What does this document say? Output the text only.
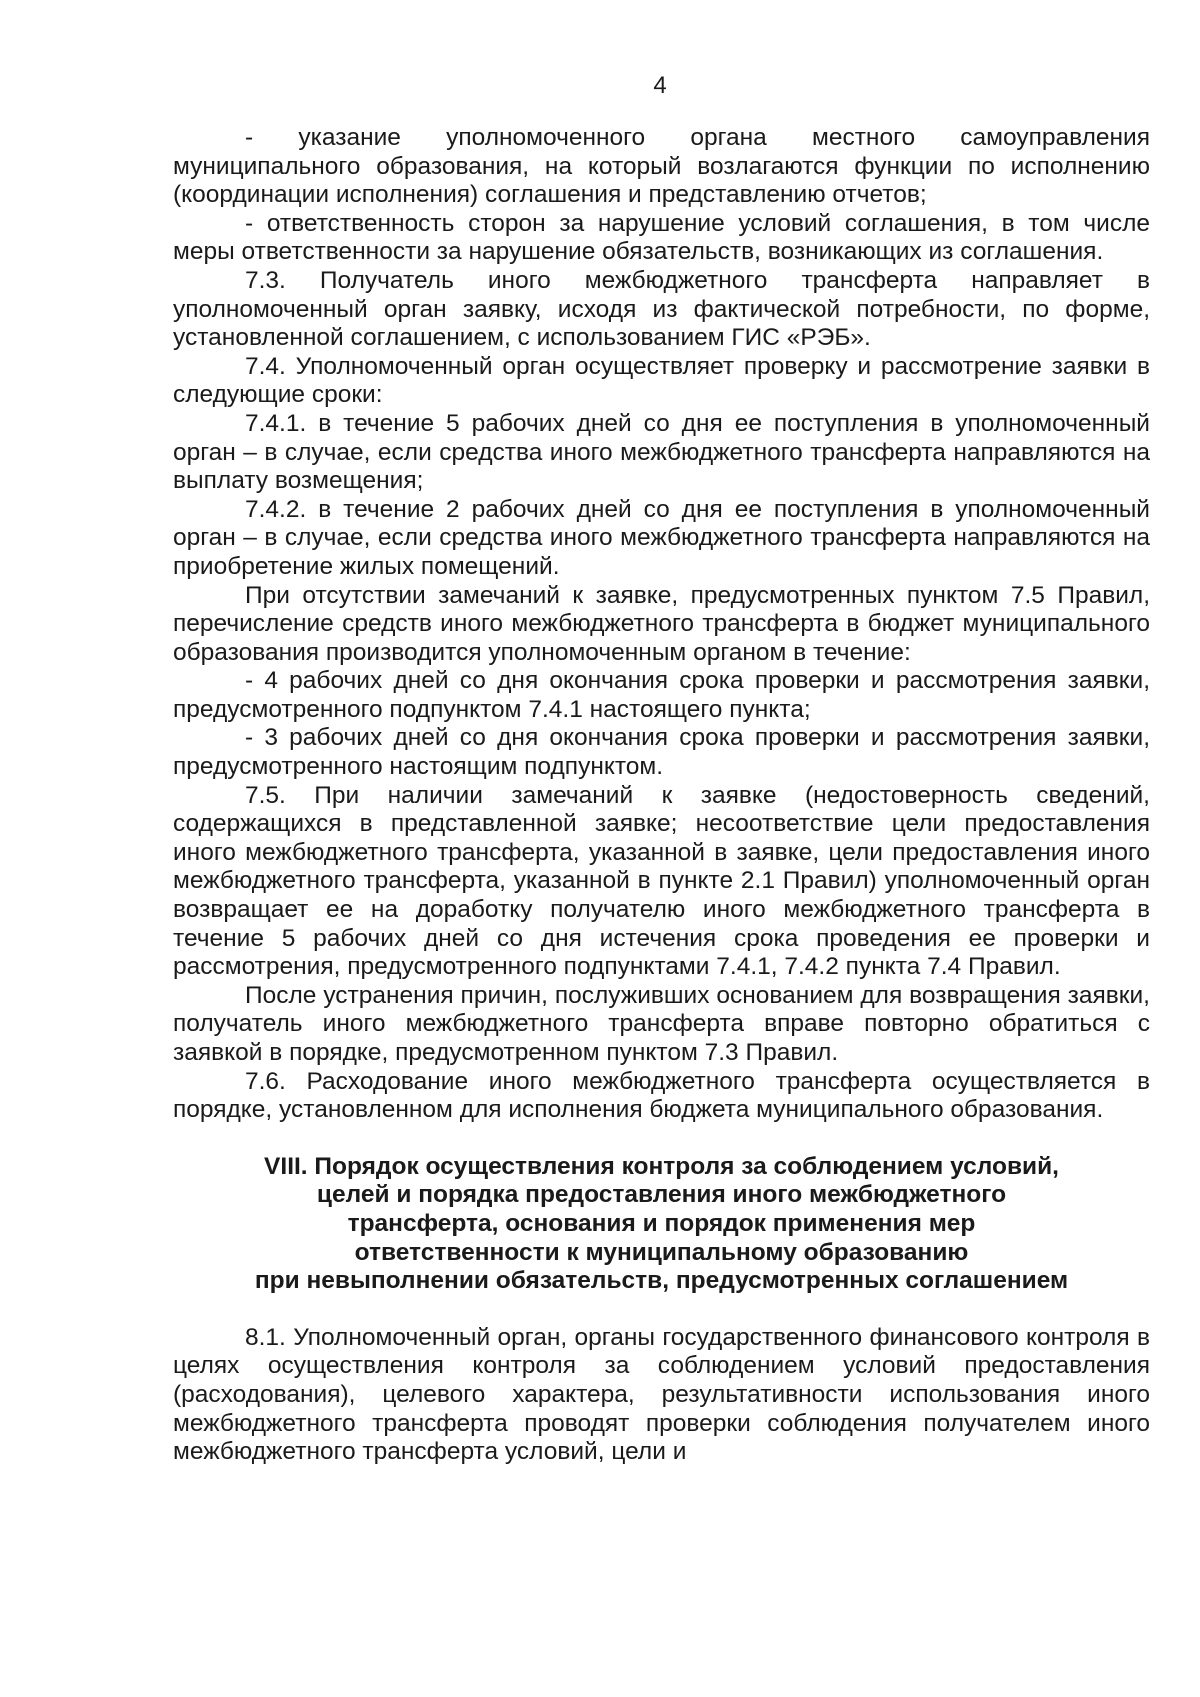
4

- указание уполномоченного органа местного самоуправления муниципального образования, на который возлагаются функции по исполнению (координации исполнения) соглашения и представлению отчетов;

- ответственность сторон за нарушение условий соглашения, в том числе меры ответственности за нарушение обязательств, возникающих из соглашения.

7.3. Получатель иного межбюджетного трансферта направляет в уполномоченный орган заявку, исходя из фактической потребности, по форме, установленной соглашением, с использованием ГИС «РЭБ».

7.4. Уполномоченный орган осуществляет проверку и рассмотрение заявки в следующие сроки:

7.4.1. в течение 5 рабочих дней со дня ее поступления в уполномоченный орган – в случае, если средства иного межбюджетного трансферта направляются на выплату возмещения;

7.4.2. в течение 2 рабочих дней со дня ее поступления в уполномоченный орган – в случае, если средства иного межбюджетного трансферта направляются на приобретение жилых помещений.

При отсутствии замечаний к заявке, предусмотренных пунктом 7.5 Правил, перечисление средств иного межбюджетного трансферта в бюджет муниципального образования производится уполномоченным органом в течение:

- 4 рабочих дней со дня окончания срока проверки и рассмотрения заявки, предусмотренного подпунктом 7.4.1 настоящего пункта;

- 3 рабочих дней со дня окончания срока проверки и рассмотрения заявки, предусмотренного настоящим подпунктом.

7.5. При наличии замечаний к заявке (недостоверность сведений, содержащихся в представленной заявке; несоответствие цели предоставления иного межбюджетного трансферта, указанной в заявке, цели предоставления иного межбюджетного трансферта, указанной в пункте 2.1 Правил) уполномоченный орган возвращает ее на доработку получателю иного межбюджетного трансферта в течение 5 рабочих дней со дня истечения срока проведения ее проверки и рассмотрения, предусмотренного подпунктами 7.4.1, 7.4.2 пункта 7.4 Правил.

После устранения причин, послуживших основанием для возвращения заявки, получатель иного межбюджетного трансферта вправе повторно обратиться с заявкой в порядке, предусмотренном пунктом 7.3 Правил.

7.6. Расходование иного межбюджетного трансферта осуществляется в порядке, установленном для исполнения бюджета муниципального образования.

VIII. Порядок осуществления контроля за соблюдением условий,
целей и порядка предоставления иного межбюджетного
трансферта, основания и порядок применения мер
ответственности к муниципальному образованию
при невыполнении обязательств, предусмотренных соглашением

8.1. Уполномоченный орган, органы государственного финансового контроля в целях осуществления контроля за соблюдением условий предоставления (расходования), целевого характера, результативности использования иного межбюджетного трансферта проводят проверки соблюдения получателем иного межбюджетного трансферта условий, цели и
